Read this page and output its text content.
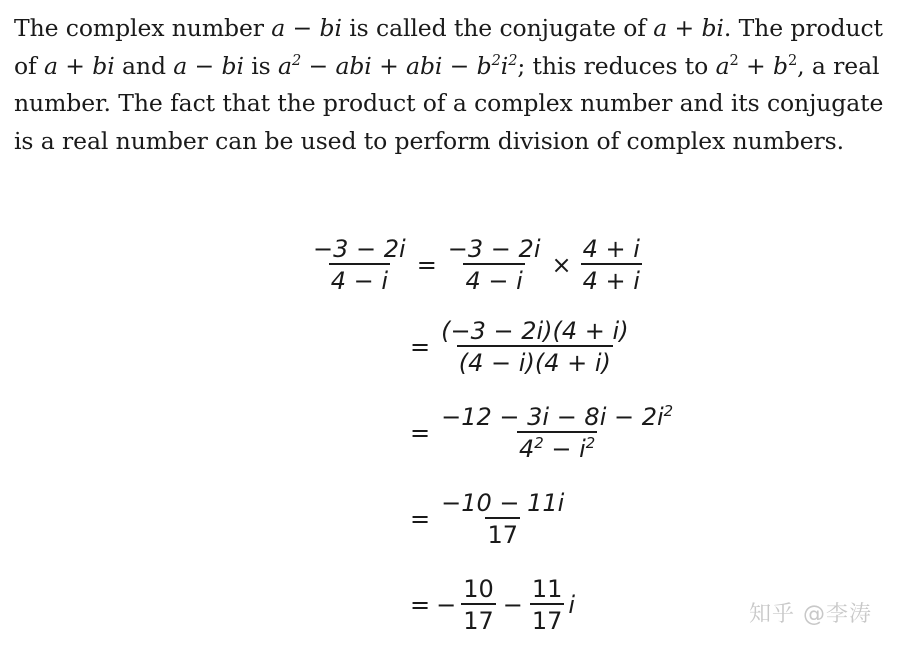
The complex number a − bi is called the conjugate of a + bi. The product of a + bi and a − bi is $a^2$ − abi + abi − $b^2i^2$; this reduces to $a^2 + b^2$, a real number. The fact that the product of a complex number and its conjugate is a real number can be used to perform division of complex numbers.

$\frac{-3 - 2i}{4 - i} = \frac{-3 - 2i}{4 - i} \times \frac{4 + i}{4 + i}$
= $\frac{(-3 - 2i)(4 + i)}{(4 - i)(4 + i)}$
= $\frac{-12 - 3i - 8i - 2i^2}{4^2 - i^2}$
= $\frac{-10 - 11i}{17}$
= − $\frac{10}{17} - \frac{11}{17}$ i	知乎 @李涛
